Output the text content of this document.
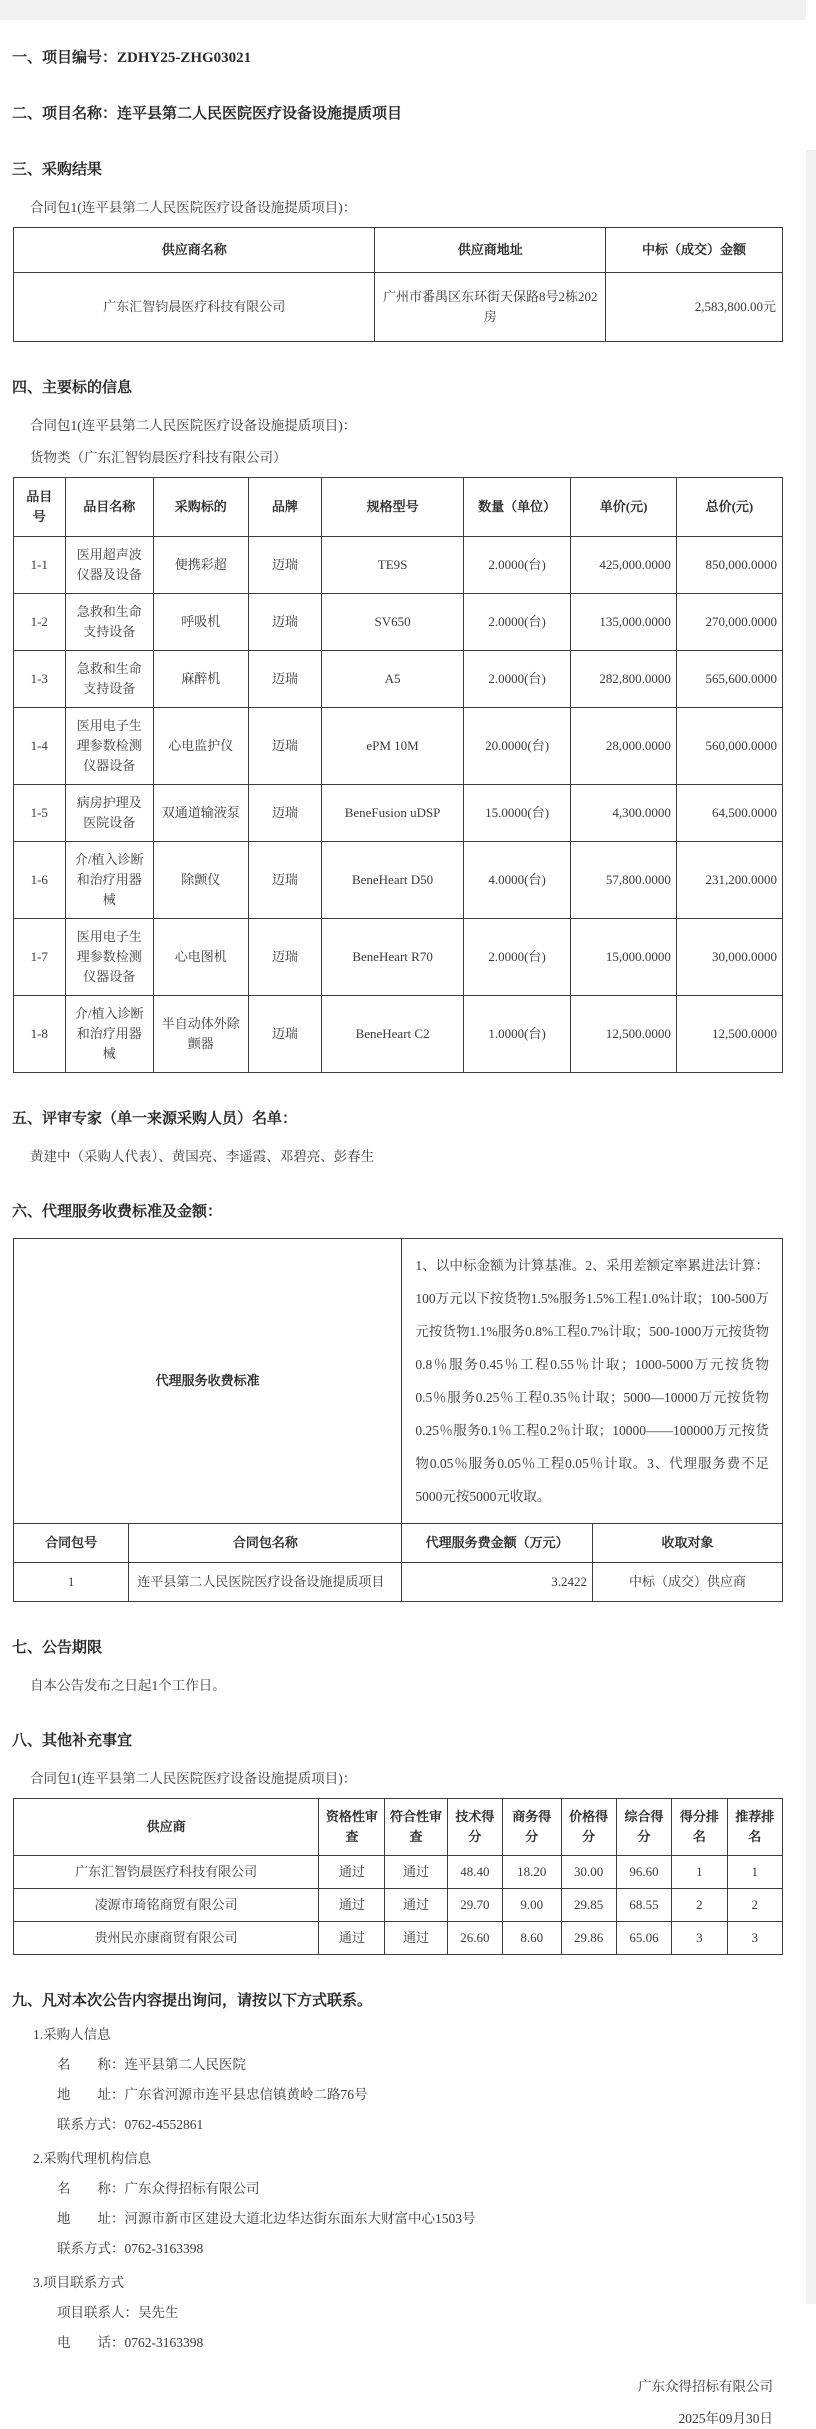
一、项目编号：ZDHY25-ZHG03021
二、项目名称：连平县第二人民医院医疗设备设施提质项目
三、采购结果
合同包1(连平县第二人民医院医疗设备设施提质项目)：
供应商名称	供应商地址	中标（成交）金额
广东汇智钧晨医疗科技有限公司	广州市番禺区东环街天保路8号2栋202房	2,583,800.00元
四、主要标的信息
合同包1(连平县第二人民医院医疗设备设施提质项目)：
货物类（广东汇智钧晨医疗科技有限公司）
品目号	品目名称	采购标的	品牌	规格型号	数量（单位）	单价(元)	总价(元)
1-1	医用超声波仪器及设备	便携彩超	迈瑞	TE9S	2.0000(台)	425,000.0000	850,000.0000
1-2	急救和生命支持设备	呼吸机	迈瑞	SV650	2.0000(台)	135,000.0000	270,000.0000
1-3	急救和生命支持设备	麻醉机	迈瑞	A5	2.0000(台)	282,800.0000	565,600.0000
1-4	医用电子生理参数检测仪器设备	心电监护仪	迈瑞	ePM 10M	20.0000(台)	28,000.0000	560,000.0000
1-5	病房护理及医院设备	双通道输液泵	迈瑞	BeneFusion uDSP	15.0000(台)	4,300.0000	64,500.0000
1-6	介/植入诊断和治疗用器械	除颤仪	迈瑞	BeneHeart D50	4.0000(台)	57,800.0000	231,200.0000
1-7	医用电子生理参数检测仪器设备	心电图机	迈瑞	BeneHeart R70	2.0000(台)	15,000.0000	30,000.0000
1-8	介/植入诊断和治疗用器械	半自动体外除颤器	迈瑞	BeneHeart C2	1.0000(台)	12,500.0000	12,500.0000
五、评审专家（单一来源采购人员）名单：
黄建中（采购人代表）、黄国亮、李遥霞、邓碧亮、彭春生
六、代理服务收费标准及金额：
代理服务收费标准	1、以中标金额为计算基准。2、采用差额定率累进法计算：100万元以下按货物1.5%服务1.5%工程1.0%计取；100-500万元按货物1.1%服务0.8%工程0.7%计取；500-1000万元按货物0.8％服务0.45％工程0.55％计取；1000-5000万元按货物0.5％服务0.25％工程0.35％计取；5000—10000万元按货物0.25％服务0.1％工程0.2％计取；10000——100000万元按货物0.05％服务0.05％工程0.05％计取。3、代理服务费不足5000元按5000元收取。
合同包号	合同包名称	代理服务费金额（万元）	收取对象
1	连平县第二人民医院医疗设备设施提质项目	3.2422	中标（成交）供应商
七、公告期限
自本公告发布之日起1个工作日。
八、其他补充事宜
合同包1(连平县第二人民医院医疗设备设施提质项目)：
供应商	资格性审查	符合性审查	技术得分	商务得分	价格得分	综合得分	得分排名	推荐排名
广东汇智钧晨医疗科技有限公司	通过	通过	48.40	18.20	30.00	96.60	1	1
凌源市琦铭商贸有限公司	通过	通过	29.70	9.00	29.85	68.55	2	2
贵州民亦康商贸有限公司	通过	通过	26.60	8.60	29.86	65.06	3	3
九、凡对本次公告内容提出询问，请按以下方式联系。
1.采购人信息
名　　称：连平县第二人民医院
地　　址：广东省河源市连平县忠信镇黄岭二路76号
联系方式：0762-4552861
2.采购代理机构信息
名　　称：广东众得招标有限公司
地　　址：河源市新市区建设大道北边华达街东面东大财富中心1503号
联系方式：0762-3163398
3.项目联系方式
项目联系人：吴先生
电　　话：0762-3163398
广东众得招标有限公司
2025年09月30日
